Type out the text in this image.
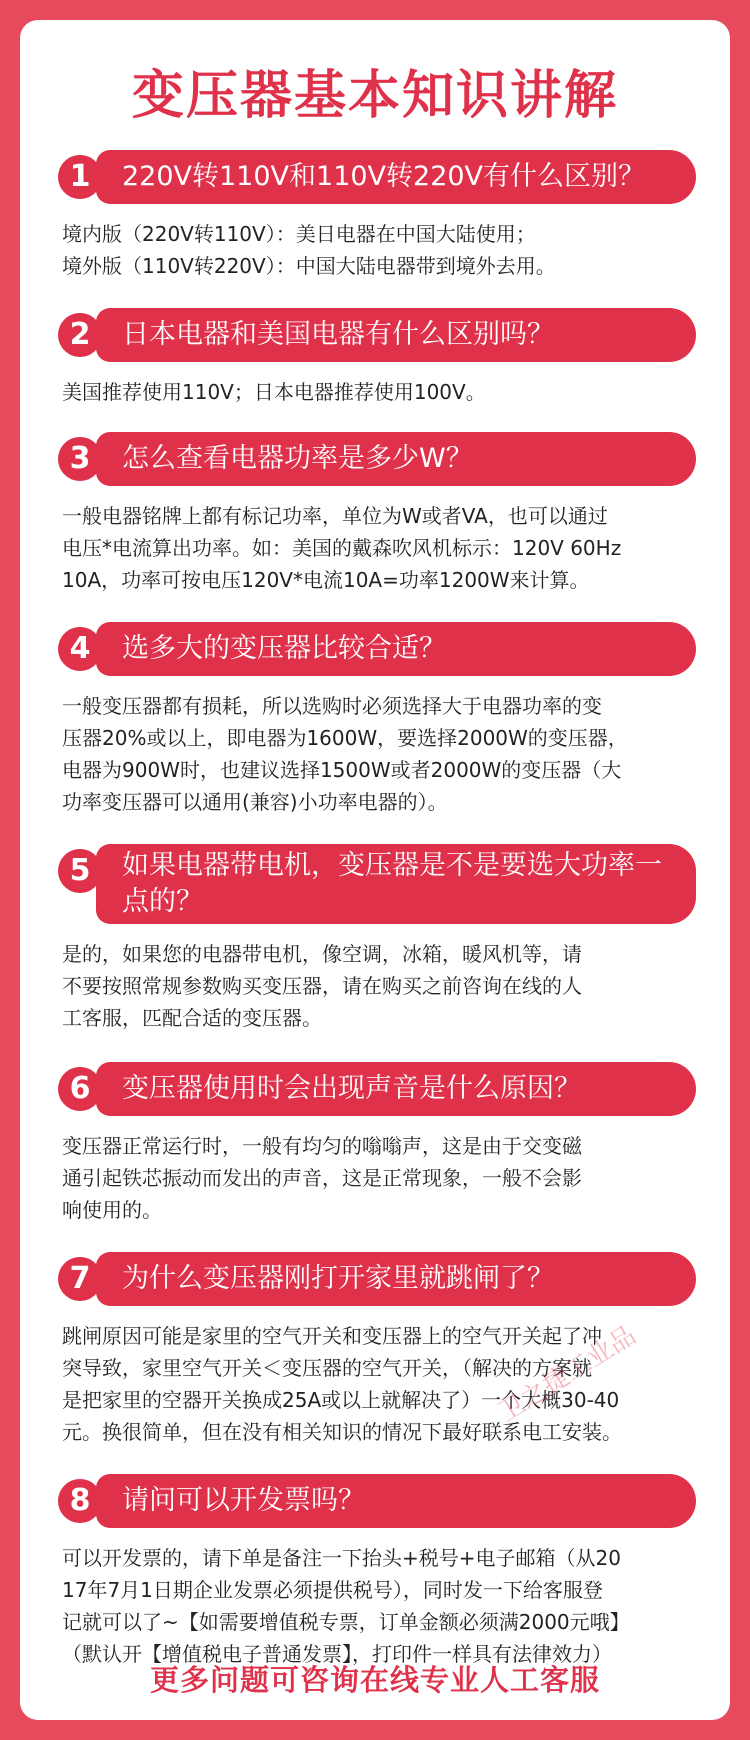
变压器基本知识讲解
220V转110V和110V转220V有什么区别？
1
境内版（220V转110V）：美日电器在中国大陆使用；
境外版（110V转220V）：中国大陆电器带到境外去用。
日本电器和美国电器有什么区别吗？
2
美国推荐使用110V；日本电器推荐使用100V。
怎么查看电器功率是多少W？
3
一般电器铭牌上都有标记功率，单位为W或者VA，也可以通过
电压*电流算出功率。如：美国的戴森吹风机标示：120V 60Hz
10A，功率可按电压120V*电流10A=功率1200W来计算。
选多大的变压器比较合适？
4
一般变压器都有损耗，所以选购时必须选择大于电器功率的变
压器20%或以上，即电器为1600W，要选择2000W的变压器，
电器为900W时，也建议选择1500W或者2000W的变压器（大
功率变压器可以通用(兼容)小功率电器的）。
如果电器带电机，变压器是不是要选大功率一点的？
5
是的，如果您的电器带电机，像空调，冰箱，暖风机等，请
不要按照常规参数购买变压器，请在购买之前咨询在线的人
工客服，匹配合适的变压器。
变压器使用时会出现声音是什么原因？
6
变压器正常运行时，一般有均匀的嗡嗡声，这是由于交变磁
通引起铁芯振动而发出的声音，这是正常现象，一般不会影
响使用的。
为什么变压器刚打开家里就跳闸了？
7
跳闸原因可能是家里的空气开关和变压器上的空气开关起了冲
突导致，家里空气开关＜变压器的空气开关，（解决的方案就
是把家里的空器开关换成25A或以上就解决了）一个大概30-40
元。换很简单，但在没有相关知识的情况下最好联系电工安装。
请问可以开发票吗？
8
可以开发票的，请下单是备注一下抬头+税号+电子邮箱（从20
17年7月1日期企业发票必须提供税号），同时发一下给客服登
记就可以了~【如需要增值税专票，订单金额必须满2000元哦】
（默认开【增值税电子普通发票】，打印件一样具有法律效力）
卫之捷工业品
更多问题可咨询在线专业人工客服
